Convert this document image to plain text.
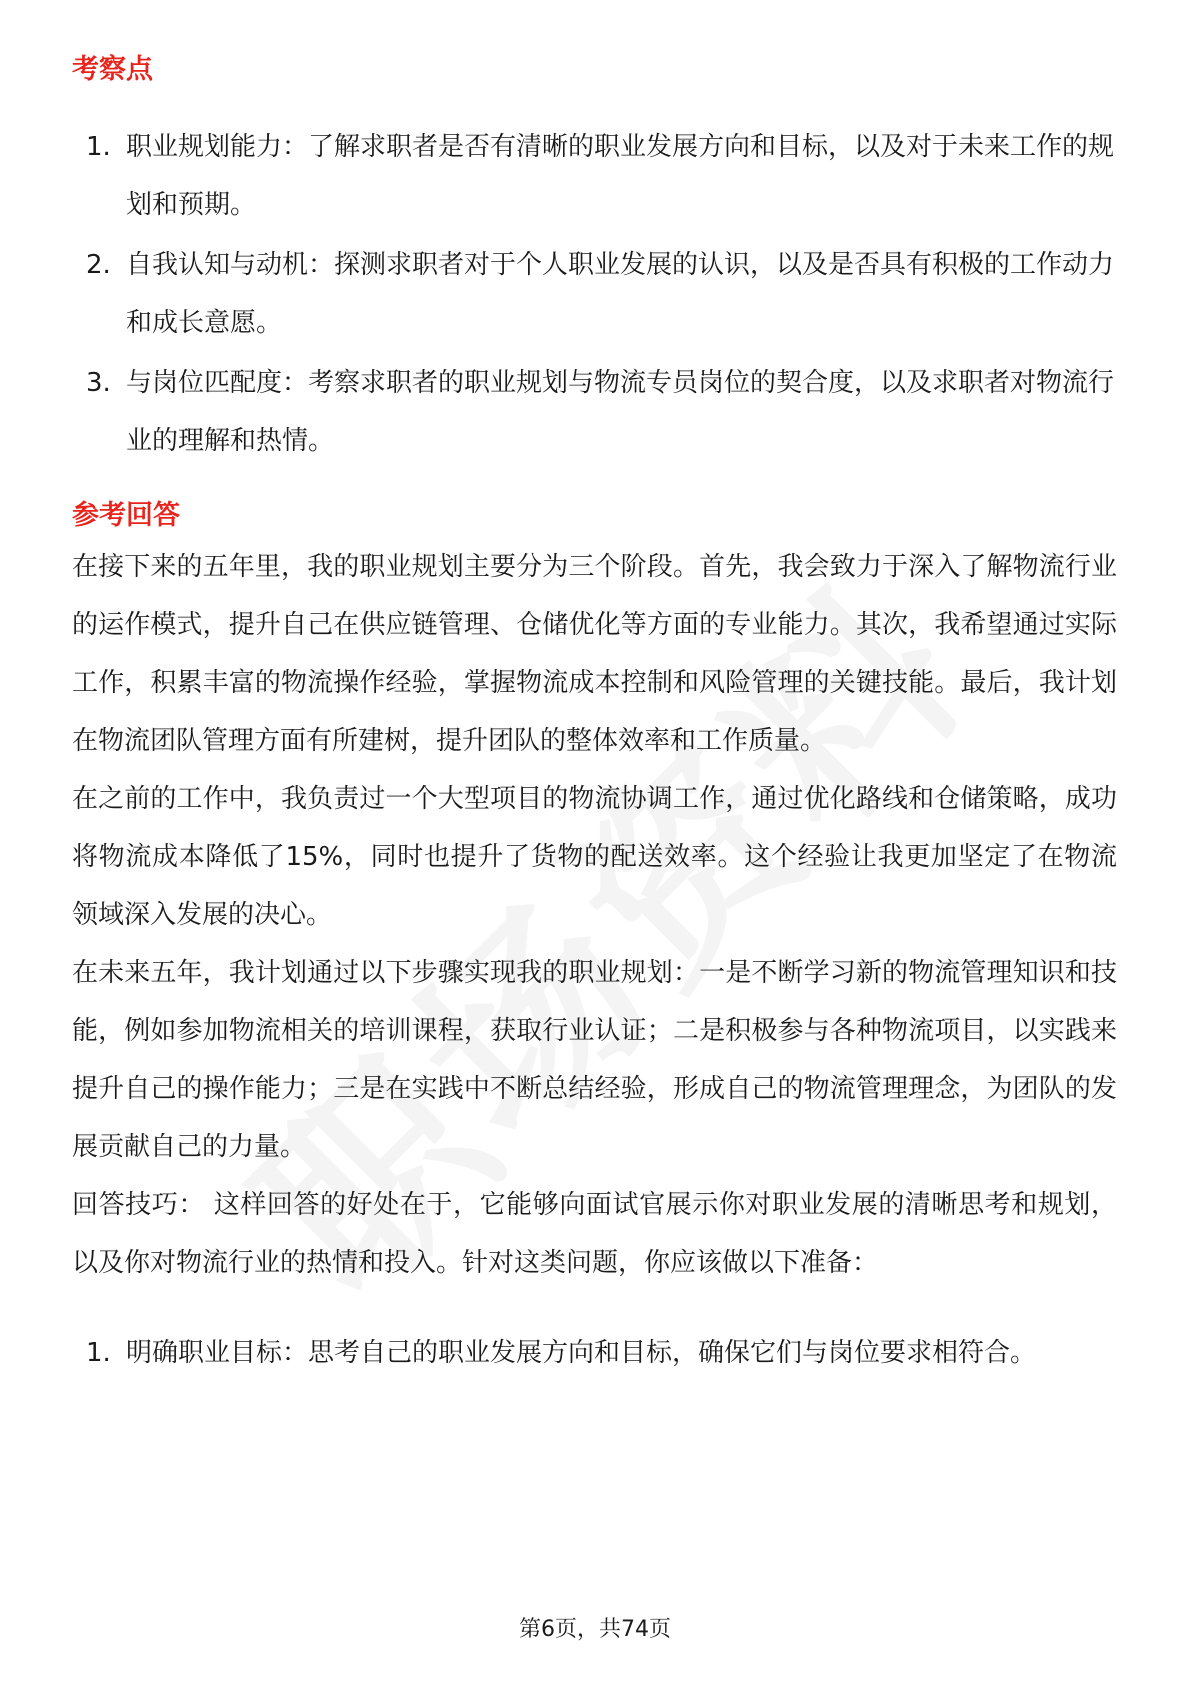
考察点
1. 职业规划能力：了解求职者是否有清晰的职业发展方向和目标，以及对于未来工作的规划和预期。
2. 自我认知与动机：探测求职者对于个人职业发展的认识，以及是否具有积极的工作动力和成长意愿。
3. 与岗位匹配度：考察求职者的职业规划与物流专员岗位的契合度，以及求职者对物流行业的理解和热情。
参考回答

在接下来的五年里，我的职业规划主要分为三个阶段。首先，我会致力于深入了解物流行业的运作模式，提升自己在供应链管理、仓储优化等方面的专业能力。其次，我希望通过实际工作，积累丰富的物流操作经验，掌握物流成本控制和风险管理的关键技能。最后，我计划在物流团队管理方面有所建树，提升团队的整体效率和工作质量。

在之前的工作中，我负责过一个大型项目的物流协调工作，通过优化路线和仓储策略，成功将物流成本降低了15%，同时也提升了货物的配送效率。这个经验让我更加坚定了在物流领域深入发展的决心。

在未来五年，我计划通过以下步骤实现我的职业规划：一是不断学习新的物流管理知识和技能，例如参加物流相关的培训课程，获取行业认证；二是积极参与各种物流项目，以实践来提升自己的操作能力；三是在实践中不断总结经验，形成自己的物流管理理念，为团队的发展贡献自己的力量。

回答技巧： 这样回答的好处在于，它能够向面试官展示你对职业发展的清晰思考和规划，以及你对物流行业的热情和投入。针对这类问题，你应该做以下准备：

1. 明确职业目标：思考自己的职业发展方向和目标，确保它们与岗位要求相符合。
第6页，共74页
